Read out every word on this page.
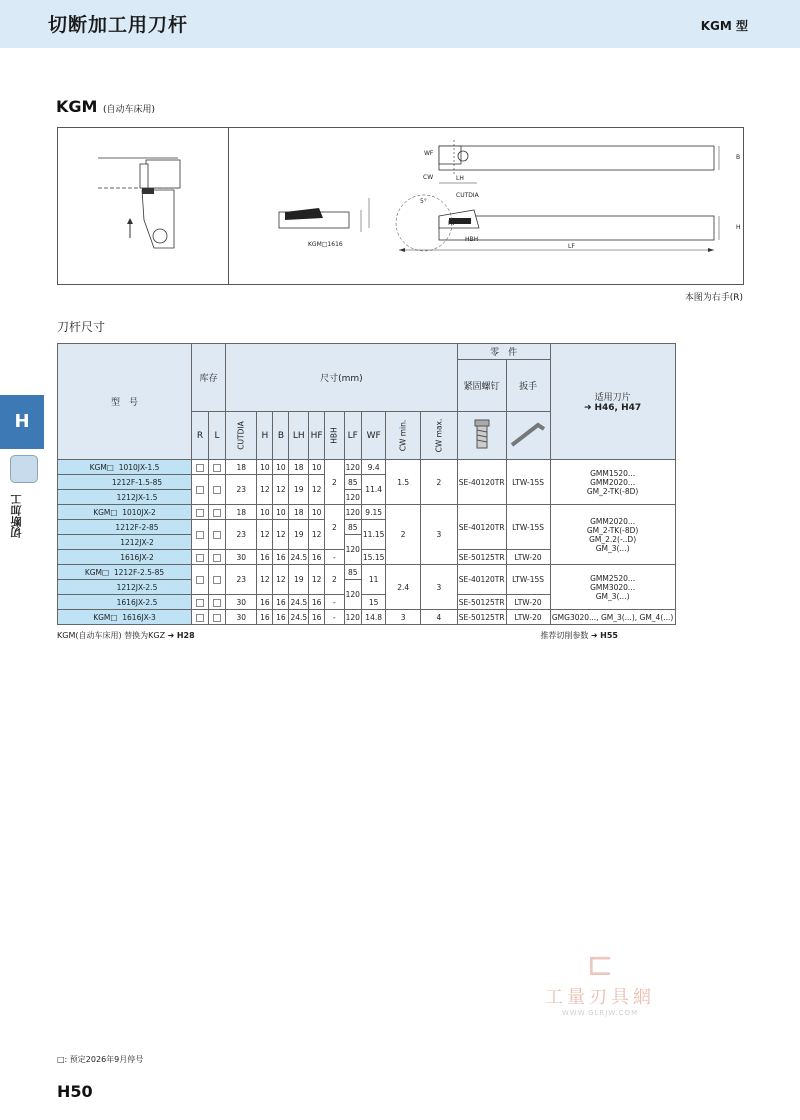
切断加工用刀杆	KGM 型
KGM (自动车床用)
B
H
LH
LF
WF
CW
5°
CUTDIA
HF
HBH
KGM□1616
本图为右手(R)
刀杆尺寸
型　号	库存		尺寸(mm)										零　件		适用刀片
➜ H46, H47

													紧固螺钉	扳手	
	R	L	CUTDIA	H	B	LH	HF	HBH	LF	WF	CW min.	CW max.		
KGM□ 1010JX-1.5			18	10	10	18	10	2	120	9.4	1.5	2	SE-40120TR	LTW-15S	GMM1520...
GMM2020...
GM_2-TK(-8D)

1212F-1.5-85			23	12	12	19	12		85	11.4					
1212JX-1.5									120						
KGM□ 1010JX-2			18	10	10	18	10	2	120	9.15	2	3	SE-40120TR	LTW-15S	GMM2020...
GM_2-TK(-8D)
GM_2.2(-..D)
GM_3(...)

1212F-2-85			23	12	12	19	12		85	11.15					
1212JX-2									120						
1616JX-2			30	16	16	24.5	16	-		15.15			SE-50125TR	LTW-20	
KGM□ 1212F-2.5-85			23	12	12	19	12	2	85	11	2.4	3	SE-40120TR	LTW-15S	GMM2520...
GMM3020...
GM_3(...)

1212JX-2.5									120						
1616JX-2.5			30	16	16	24.5	16	-		15			SE-50125TR	LTW-20	
KGM□ 1616JX-3			30	16	16	24.5	16	-	120	14.8	3	4	SE-50125TR	LTW-20	GMG3020..., GM_3(...), GM_4(...)
KGM(自动车床用) 替换为KGZ ➜ H28	推荐切削参数 ➜ H55
H
切断加工
⊏
工量刃具網
WWW.GLRJW.COM
□: 预定2026年9月停号
H50
